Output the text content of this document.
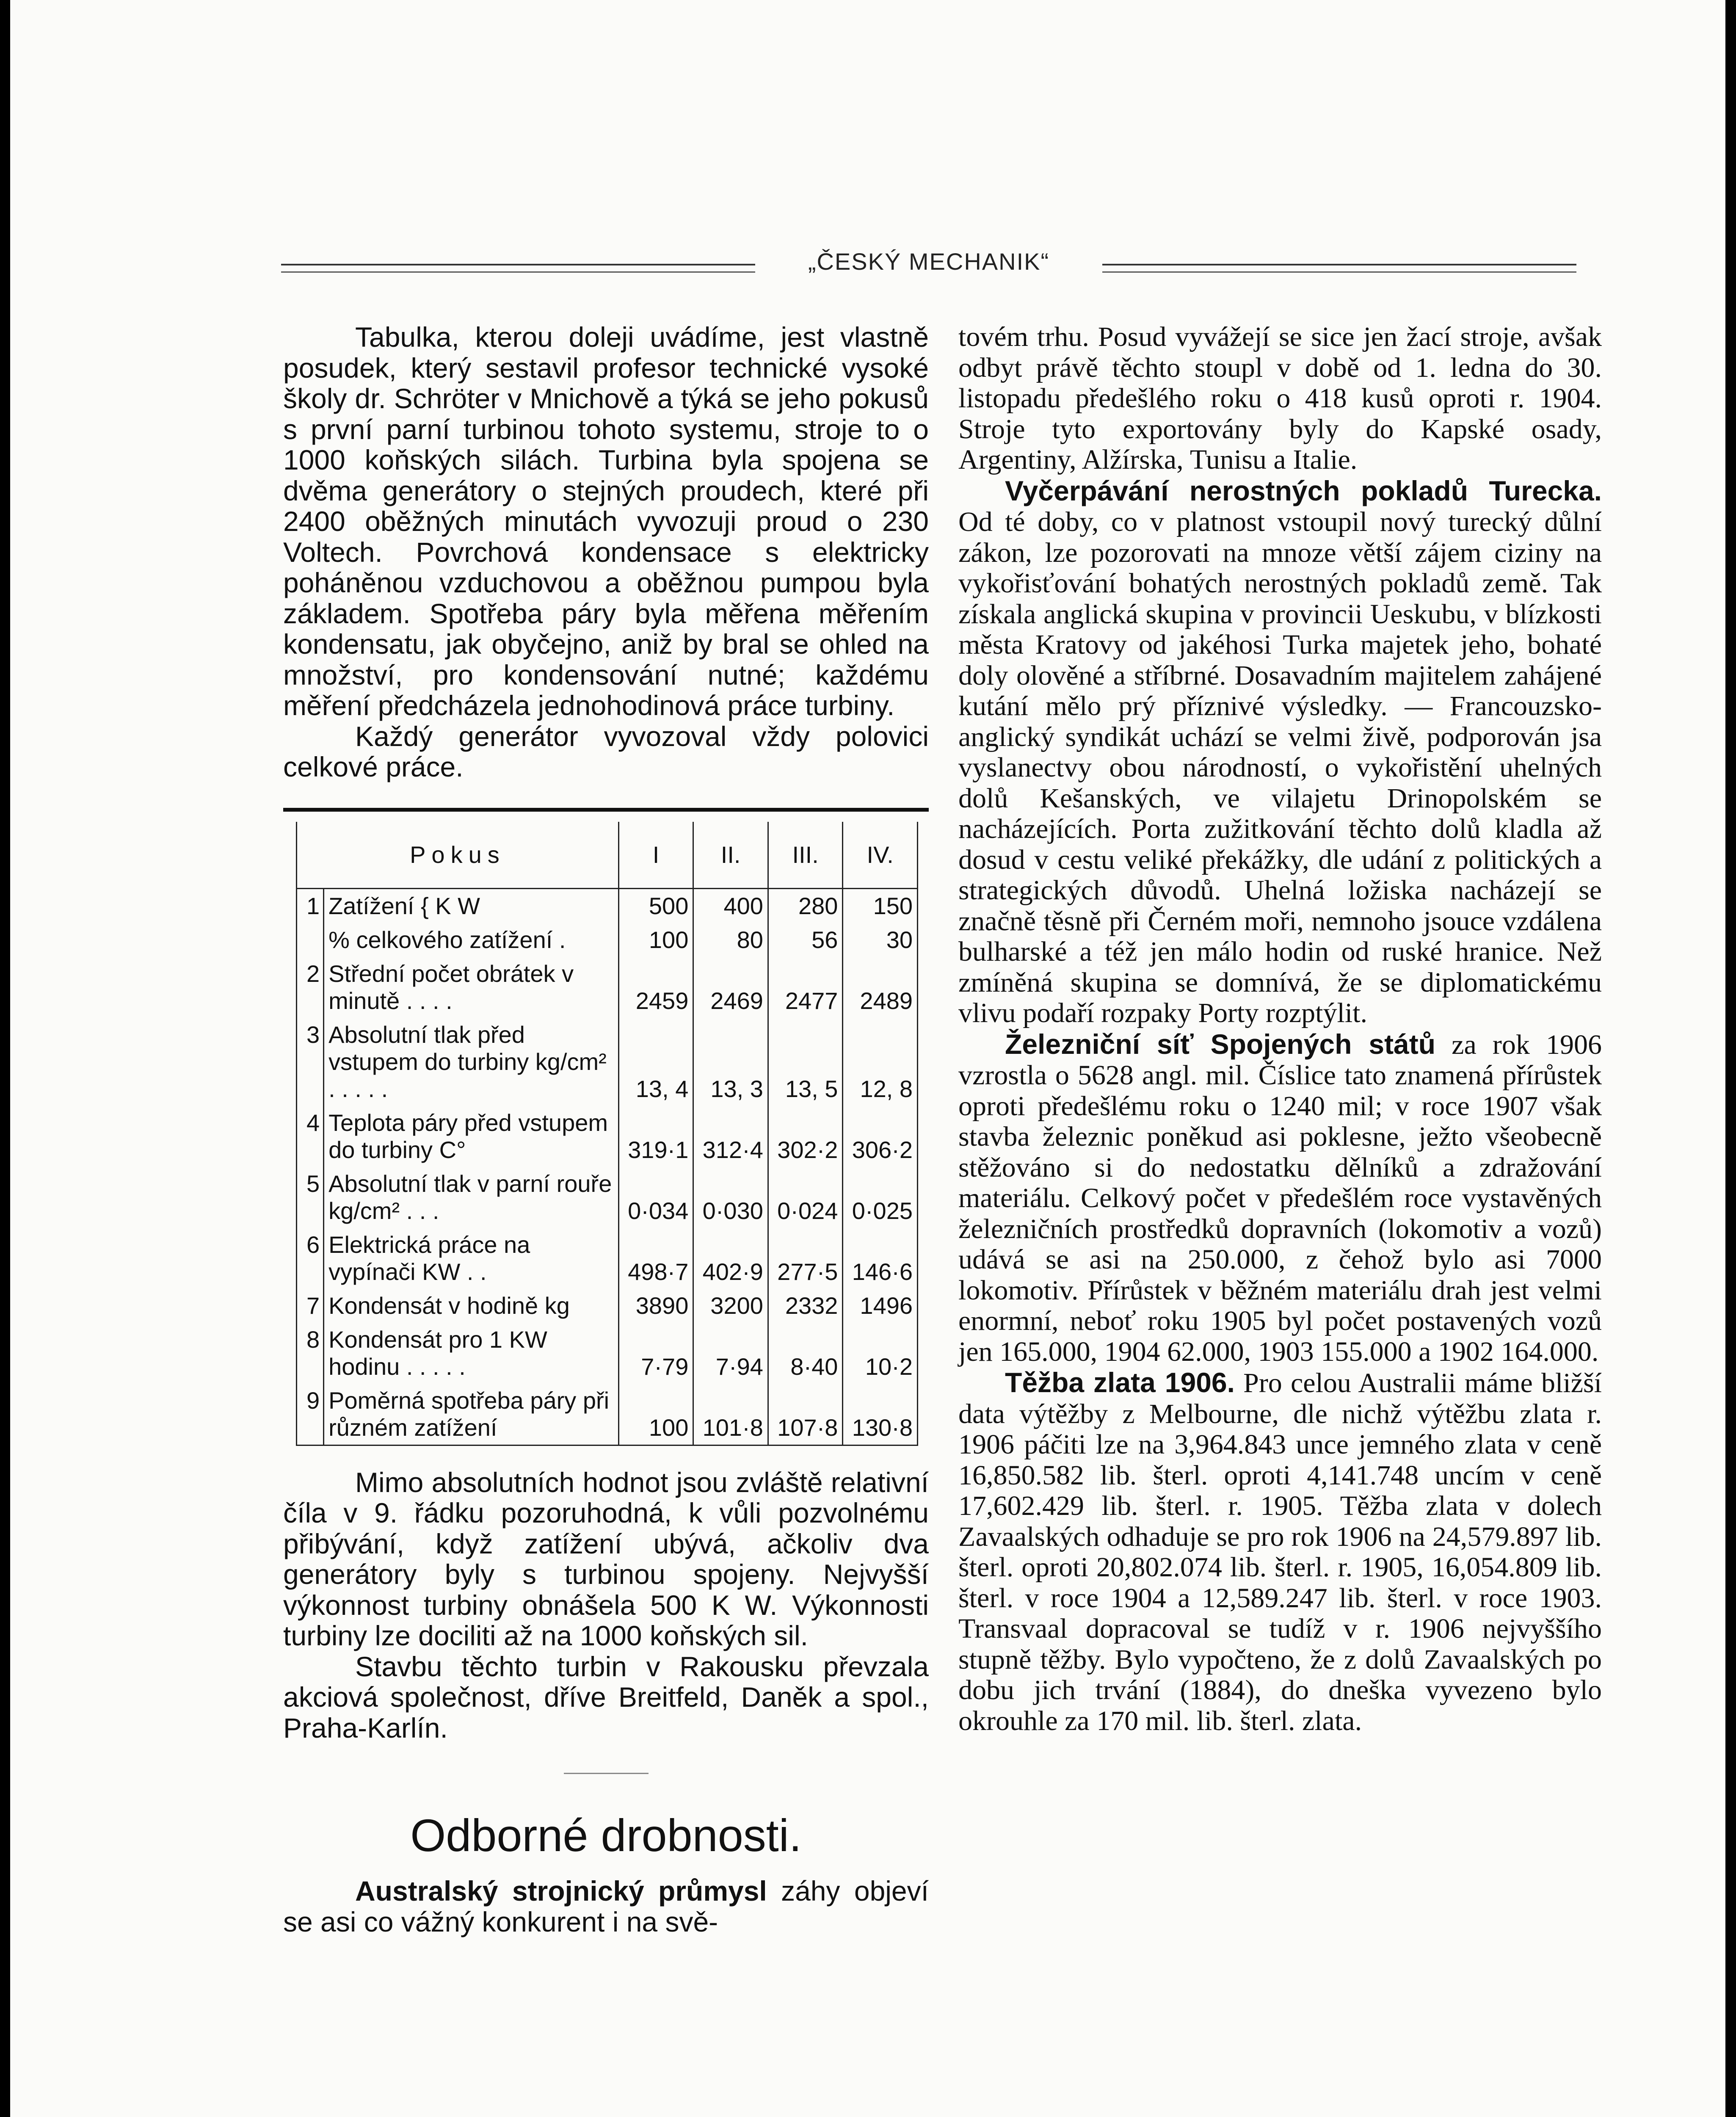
„ČESKÝ MECHANIK“

Tabulka, kterou doleji uvádíme, jest vlastně posudek, který sestavil profesor technické vysoké školy dr. Schröter v Mnichově a týká se jeho pokusů s první parní turbinou tohoto systemu, stroje to o 1000 koňských silách. Turbina byla spojena se dvěma generátory o stejných proudech, které při 2400 oběžných minutách vyvozuji proud o 230 Voltech. Povrchová kondensace s elektricky poháněnou vzduchovou a oběžnou pumpou byla základem. Spotřeba páry byla měřena měřením kondensatu, jak obyčejno, aniž by bral se ohled na množství, pro kondensování nutné; každému měření předcházela jednohodinová práce turbiny.

Každý generátor vyvozoval vždy polovici celkové práce.

Pokus		I	II.	III.	IV.
1	Zatížení { K W	500	400	280	150
	% celkového zatížení .	100	80	56	30
2	Střední počet obrátek v minutě . . . .	2459	2469	2477	2489
3	Absolutní tlak před vstupem do turbiny kg/cm² . . . . .	13, 4	13, 3	13, 5	12, 8
4	Teplota páry před vstupem do turbiny C°	319·1	312·4	302·2	306·2
5	Absolutní tlak v parní rouře kg/cm² . . .	0·034	0·030	0·024	0·025
6	Elektrická práce na vypínači KW . .	498·7	402·9	277·5	146·6
7	Kondensát v hodině kg	3890	3200	2332	1496
8	Kondensát pro 1 KW hodinu . . . . .	7·79	7·94	8·40	10·2
9	Poměrná spotřeba páry při různém zatížení	100	101·8	107·8	130·8

Mimo absolutních hodnot jsou zvláště relativní číla v 9. řádku pozoruhodná, k vůli pozvolnému přibývání, když zatížení ubývá, ačkoliv dva generátory byly s turbinou spojeny. Nejvyšší výkonnost turbiny obnášela 500 K W. Výkonnosti turbiny lze dociliti až na 1000 koňských sil.

Stavbu těchto turbin v Rakousku převzala akciová společnost, dříve Breitfeld, Daněk a spol., Praha-Karlín.

Odborné drobnosti.

Australský strojnický průmysl záhy objeví se asi co vážný konkurent i na svě-

tovém trhu. Posud vyvážejí se sice jen žací stroje, avšak odbyt právě těchto stoupl v době od 1. ledna do 30. listopadu předešlého roku o 418 kusů oproti r. 1904. Stroje tyto exportovány byly do Kapské osady, Argentiny, Alžírska, Tunisu a Italie.

Vyčerpávání nerostných pokladů Turecka. Od té doby, co v platnost vstoupil nový turecký důlní zákon, lze pozorovati na mnoze větší zájem ciziny na vykořisťování bohatých nerostných pokladů země. Tak získala anglická skupina v provincii Ueskubu, v blízkosti města Kratovy od jakéhosi Turka majetek jeho, bohaté doly olověné a stříbrné. Dosavadním majitelem zahájené kutání mělo prý příznivé výsledky. — Francouzsko-anglický syndikát uchází se velmi živě, podporován jsa vyslanectvy obou národností, o vykořistění uhelných dolů Kešanských, ve vilajetu Drinopolském se nacházejících. Porta zužitkování těchto dolů kladla až dosud v cestu veliké překážky, dle udání z politických a strategických důvodů. Uhelná ložiska nacházejí se značně těsně při Černém moři, nemnoho jsouce vzdálena bulharské a též jen málo hodin od ruské hranice. Než zmíněná skupina se domnívá, že se diplomatickému vlivu podaří rozpaky Porty rozptýlit.

Železniční síť Spojených států za rok 1906 vzrostla o 5628 angl. mil. Číslice tato znamená přírůstek oproti předešlému roku o 1240 mil; v roce 1907 však stavba železnic poněkud asi poklesne, ježto všeobecně stěžováno si do nedostatku dělníků a zdražování materiálu. Celkový počet v předešlém roce vystavěných železničních prostředků dopravních (lokomotiv a vozů) udává se asi na 250.000, z čehož bylo asi 7000 lokomotiv. Přírůstek v běžném materiálu drah jest velmi enormní, neboť roku 1905 byl počet postavených vozů jen 165.000, 1904 62.000, 1903 155.000 a 1902 164.000.

Těžba zlata 1906. Pro celou Australii máme bližší data výtěžby z Melbourne, dle nichž výtěžbu zlata r. 1906 páčiti lze na 3,964.843 unce jemného zlata v ceně 16,850.582 lib. šterl. oproti 4,141.748 uncím v ceně 17,602.429 lib. šterl. r. 1905. Těžba zlata v dolech Zavaalských odhaduje se pro rok 1906 na 24,579.897 lib. šterl. oproti 20,802.074 lib. šterl. r. 1905, 16,054.809 lib. šterl. v roce 1904 a 12,589.247 lib. šterl. v roce 1903. Transvaal dopracoval se tudíž v r. 1906 nejvyššího stupně těžby. Bylo vypočteno, že z dolů Zavaalských po dobu jich trvání (1884), do dneška vyvezeno bylo okrouhle za 170 mil. lib. šterl. zlata.
